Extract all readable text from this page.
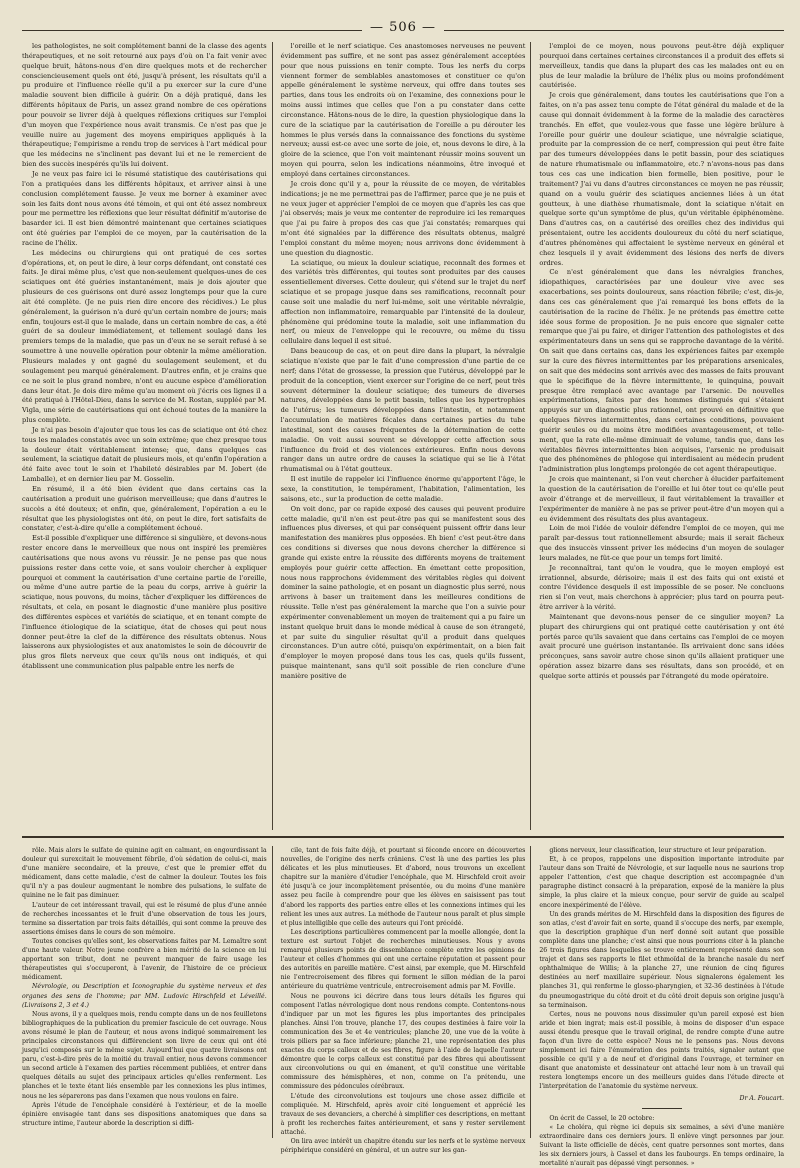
— 506 —

les pathologistes, ne soit complétement banni de la classe des agents thérapeutiques, et ne soit retourné aux pays d'où on l'a fait venir avec quelque bruit, hâtons-nous d'en dire quelques mots et de rechercher consciencieusement quels ont été, jusqu'à présent, les résultats qu'il a pu produire et l'influence réelle qu'il a pu exercer sur la cure d'une maladie souvent bien difficile à guérir. On a déjà pratiqué, dans les différents hôpitaux de Paris, un assez grand nombre de ces opérations pour pouvoir se livrer déjà à quelques réflexions critiques sur l'emploi d'un moyen que l'expérience nous avait transmis. Ce n'est pas que je veuille nuire au jugement des moyens empiriques appliqués à la thérapeutique; l'empirisme a rendu trop de services à l'art médical pour que les médecins ne s'inclinent pas devant lui et ne le remercient de bien des succès inespérés qu'ils lui doivent.

Je ne veux pas faire ici le résumé statistique des cautérisations qui l'on a pratiquées dans les différents hôpitaux, et arriver ainsi à une conclusion complétement fausse. Je veux me borner à examiner avec soin les faits dont nous avons été témoin, et qui ont été assez nombreux pour me permettre les réflexions que leur résultat définitif m'autorise de basarder ici. Il est bien démontré maintenant que certaines sciatiques ont été guéries par l'emploi de ce moyen, par la cautérisation de la racine de l'hélix.

Les médecins ou chirurgiens qui ont pratiqué de ces sortes d'opérations, et, on peut le dire, à leur corps défendant, ont constaté ces faits. Je dirai même plus, c'est que non-seulement quelques-unes de ces sciatiques ont été guéries instantanément, mais je dois ajouter que plusieurs de ces guérisons ont duré assez longtemps pour que la cure ait été complète. (Je ne puis rien dire encore des récidives.) Le plus généralement, la guérison n'a duré qu'un certain nombre de jours; mais enfin, toujours est-il que le malade, dans un certain nombre de cas, a été guéri de sa douleur immédiatement, et tellement soulagé dans les premiers temps de la maladie, que pas un d'eux ne se serait refusé à se soumettre à une nouvelle opération pour obtenir la même amélioration. Plusieurs malades y ont gagné du soulagement seulement, et du soulagement peu marqué généralement. D'autres enfin, et je crains que ce ne soit le plus grand nombre, n'ont eu aucune espèce d'amélioration dans leur état. Je dois dire même qu'au moment où j'écris ces lignes il a été pratiqué à l'Hôtel-Dieu, dans le service de M. Rostan, suppléé par M. Vigla, une série de cautérisations qui ont échoué toutes de la manière la plus complète.

Je n'ai pas besoin d'ajouter que tous les cas de sciatique ont été chez tous les malades constatés avec un soin extrême; que chez presque tous la douleur était véritablement intense; que, dans quelques cas seulement, la sciatique datait de plusieurs mois, et qu'enfin l'opération a été faite avec tout le soin et l'habileté désirables par M. Jobert (de Lamballe), et en dernier lieu par M. Gosselin.

En résumé, il a été bien évident que dans certains cas la cautérisation a produit une guérison merveilleuse; que dans d'autres le succès a été douteux; et enfin, que, généralement, l'opération a eu le résultat que les physiologistes ont été, on peut le dire, fort satisfaits de constater, c'est-à-dire qu'elle a complétement échoué.

Est-il possible d'expliquer une différence si singulière, et devons-nous rester encore dans le merveilleux que nous ont inspiré les premières cautérisations que nous avons vu réussir. Je ne pense pas que nous puissions rester dans cette voie, et sans vouloir chercher à expliquer pourquoi et comment la cautérisation d'une certaine partie de l'oreille, ou même d'une autre partie de la peau du corps, arrive à guérir la sciatique, nous pouvons, du moins, tâcher d'expliquer les différences de résultats, et cela, en posant le diagnostic d'une manière plus positive des différentes espèces et variétés de sciatique, et en tenant compte de l'influence étiologique de la sciatique, état de choses qui peut nous donner peut-être la clef de la différence des résultats obtenus. Nous laisserons aux physiologistes et aux anatomistes le soin de découvrir de plus gros filets nerveux que ceux qu'ils nous ont indiqués, et qui établissent une communication plus palpable entre les nerfs de

l'oreille et le nerf sciatique. Ces anastomoses nerveuses ne peuvent évidemment pas suffire, et ne sont pas assez généralement acceptées pour que nous puissions en tenir compte. Tous les nerfs du corps viennent former de semblables anastomoses et constituer ce qu'on appelle généralement le système nerveux, qui offre dans toutes ses parties, dans tous les endroits où on l'examine, des connexions pour le moins aussi intimes que celles que l'on a pu constater dans cette circonstance. Hâtons-nous de le dire, la question physiologique dans la cure de la sciatique par la cautérisation de l'oreille a pu dérouter les hommes le plus versés dans la connaissance des fonctions du système nerveux; aussi est-ce avec une sorte de joie, et, nous devons le dire, à la gloire de la science, que l'on voit maintenant réussir moins souvent un moyen qui pourra, selon les indications néanmoins, être invoqué et employé dans certaines circonstances.

Je crois donc qu'il y a, pour la réussite de ce moyen, de véritables indications; je ne me permettrai pas de l'affirmer, parce que je ne puis et ne veux juger et apprécier l'emploi de ce moyen que d'après les cas que j'ai observés; mais je veux me contenter de reproduire ici les remarques que j'ai pu faire à propos des cas que j'ai constatés; remarques qui m'ont été signalées par la différence des résultats obtenus, malgré l'emploi constant du même moyen; nous arrivons donc évidemment à une question du diagnostic.

La sciatique, ou mieux la douleur sciatique, reconnaît des formes et des variétés très différentes, qui toutes sont produites par des causes essentiellement diverses. Cette douleur, qui s'étend sur le trajet du nerf sciatique et se propage jusque dans ses ramifications, reconnaît pour cause soit une maladie du nerf lui-même, soit une véritable névralgie, affection non inflammatoire, remarquable par l'intensité de la douleur, phénomène qui prédomine toute la maladie, soit une inflammation du nerf, ou mieux de l'enveloppe qui le recouvre, ou même du tissu cellulaire dans lequel il est situé.

Dans beaucoup de cas, et on peut dire dans la plupart, la névralgie sciatique n'existe que par le fait d'une compression d'une partie de ce nerf; dans l'état de grossesse, la pression que l'utérus, développé par le produit de la conception, vient exercer sur l'origine de ce nerf, peut très souvent déterminer la douleur sciatique; des tumeurs de diverses natures, développées dans le petit bassin, telles que les hypertrophies de l'utérus; les tumeurs développées dans l'intestin, et notamment l'accumulation de matières fécales dans certaines parties du tube intestinal, sont des causes fréquentes de la détermination de cette maladie. On voit aussi souvent se développer cette affection sous l'influence du froid et des violences extérieures. Enfin nous devons ranger dans un autre ordre de causes la sciatique qui se lie à l'état rhumatismal ou à l'état goutteux.

Il est inutile de rappeler ici l'influence énorme qu'apportent l'âge, le sexe, la constitution, le tempérament, l'habitation, l'alimentation, les saisons, etc., sur la production de cette maladie.

On voit donc, par ce rapide exposé des causes qui peuvent produire cette maladie, qu'il n'en est peut-être pas qui se manifestent sous des influences plus diverses, et qui par conséquent puissent offrir dans leur manifestation des manières plus opposées. Eh bien! c'est peut-être dans ces conditions si diverses que nous devons chercher la différence si grande qui existe entre la réussite des différents moyens de traitement employés pour guérir cette affection. En émettant cette proposition, nous nous rapprochons évidemment des véritables règles qui doivent dominer la saine pathologie, et en posant un diagnostic plus serré, nous arrivons à baser un traitement dans les meilleures conditions de réussite. Telle n'est pas généralement la marche que l'on a suivie pour expérimenter convenablement un moyen de traitement qui a pu faire un instant quelque bruit dans le monde médical à cause de son étrangeté, et par suite du singulier résultat qu'il a produit dans quelques circonstances. D'un autre côté, puisqu'on expérimentait, on a bien fait d'employer le moyen proposé dans tous les cas, quels qu'ils fussent, puisque maintenant, sans qu'il soit possible de rien conclure d'une manière positive de

l'emploi de ce moyen, nous pouvons peut-être déjà expliquer pourquoi dans certaines certaines circonstances il a produit des effets si merveilleux, tandis que dans la plupart des cas les malades ont eu en plus de leur maladie la brûlure de l'hélix plus ou moins profondément cautérisée.

Je crois que généralement, dans toutes les cautérisations que l'on a faites, on n'a pas assez tenu compte de l'état général du malade et de la cause qui donnait évidemment à la forme de la maladie des caractères tranchés. En effet, que voulez-vous que fasse une légère brûlure à l'oreille pour guérir une douleur sciatique, une névralgie sciatique, produite par la compression de ce nerf, compression qui peut être faite par des tumeurs développées dans le petit bassin, pour des sciatiques de nature rhumatismale ou inflammatoire, etc.? n'avons-nous pas dans tous ces cas une indication bien formelle, bien positive, pour le traitement? J'ai vu dans d'autres circonstances ce moyen ne pas réussir, quand on a voulu guérir des sciatiques anciennes liées à un état goutteux, à une diathèse rhumatismale, dont la sciatique n'était en quelque sorte qu'un symptôme de plus, qu'un véritable épiphénomène. Dans d'autres cas, on a cautérisé des oreilles chez des individus qui présentaient, outre les accidents douloureux du côté du nerf sciatique, d'autres phénomènes qui affectaient le système nerveux en général et chez lesquels il y avait évidemment des lésions des nerfs de divers ordres.

Ce n'est généralement que dans les névralgies franches, idiopathiques, caractérisées par une douleur vive avec ses exacerbations, ses points douloureux, sans réaction fébrile; c'est, dis-je, dans ces cas généralement que j'ai remarqué les bons effets de la cautérisation de la racine de l'hélix. Je ne prétends pas émettre cette idée sous forme de proposition. Je ne puis encore que signaler cette remarque que j'ai pu faire, et diriger l'attention des pathologistes et des expérimentateurs dans un sens qui se rapproche davantage de la vérité. On sait que dans certains cas, dans les expériences faites par exemple sur la cure des fièvres intermittentes par les préparations arsenicales, on sait que des médecins sont arrivés avec des masses de faits prouvant que le spécifique de la fièvre intermittente, le quinquina, pouvait presque être remplacé avec avantage par l'arsenic. De nouvelles expérimentations, faites par des hommes distingués qui s'étaient appuyés sur un diagnostic plus rationnel, ont prouvé en définitive que quelques fièvres intermittentes, dans certaines conditions, pouvaient guérir seules ou du moins être modifiées avantageusement, et telle-ment, que la rate elle-même diminuait de volume, tandis que, dans les véritables fièvres intermittentes bien acquises, l'arsenic ne produisait que des phénomènes de phlogose qui interdisaient au médecin prudent l'administration plus longtemps prolongée de cet agent thérapeutique.

Je crois que maintenant, si l'on veut chercher à élucider parfaitement la question de la cautérisation de l'oreille et lui ôter tout ce qu'elle peut avoir d'étrange et de merveilleux, il faut véritablement la travailler et l'expérimenter de manière à ne pas se priver peut-être d'un moyen qui a eu évidemment des résultats des plus avantageux.

Loin de moi l'idée de vouloir défendre l'emploi de ce moyen, qui me paraît par-dessus tout rationnellement absurde; mais il serait fâcheux que des insuccès vinssent priver les médecins d'un moyen de soulager leurs malades, ne fût-ce que pour un temps fort limité.

Je reconnaîtrai, tant qu'on le voudra, que le moyen employé est irrationnel, absurde, dérisoire; mais il est des faits qui ont existé et contre l'évidence desquels il est impossible de se poser. Ne concluons rien si l'on veut, mais cherchons à apprécier; plus tard on pourra peut-être arriver à la vérité.

Maintenant que devons-nous penser de ce singulier moyen? La plupart des chirurgiens qui ont pratiqué cette cautérisation y ont été portés parce qu'ils savaient que dans certains cas l'emploi de ce moyen avait procuré une guérison instantanée. Ils arrivaient donc sans idées préconçues, sans savoir autre chose sinon qu'ils allaient pratiquer une opération assez bizarre dans ses résultats, dans son procédé, et en quelque sorte attirés et poussés par l'étrangeté du mode opératoire.

rôle. Mais alors le sulfate de quinine agit en calmant, en engourdissant la douleur qui surexcitait le mouvement fébrile, d'où sédation de celui-ci, mais d'une manière secondaire, et la preuve, c'est que le premier effet du médicament, dans cette maladie, c'est de calmer la douleur. Toutes les fois qu'il n'y a pas douleur augmentant le nombre des pulsations, le sulfate de quinine ne le fait pas diminuer.

L'auteur de cet intéressant travail, qui est le résumé de plus d'une année de recherches incessantes et le fruit d'une observation de tous les jours, termine sa dissertation par trois faits détaillés, qui sont comme la preuve des assertions émises dans le cours de son mémoire.

Toutes concises qu'elles sont, les observations faites par M. Lemaître sont d'une haute valeur. Notre jeune confrère a bien mérité de la science en lui apportant son tribut, dont ne peuvent manquer de faire usage les thérapeutistes qui s'occuperont, à l'avenir, de l'histoire de ce précieux médicament.

Névrologie, ou Description et Iconographie du système nerveux et des organes des sens de l'homme; par MM. Ludovic Hirschfeld et Léveillé. (Livraisons 2, 3 et 4.)

Nous avons, il y a quelques mois, rendu compte dans un de nos feuilletons bibliographiques de la publication du premier fascicule de cet ouvrage. Nous avons résumé le plan de l'auteur, et nous avons indiqué sommairement les principales circonstances qui différencient son livre de ceux qui ont été jusqu'ici composés sur le même sujet. Aujourd'hui que quatre livraisons ont paru, c'est-à-dire près de la moitié du travail entier, nous devons commencer un second article à l'examen des parties récemment publiées, et entrer dans quelques détails au sujet des principaux articles qu'elles renferment. Les planches et le texte étant liés ensemble par les connexions les plus intimes, nous ne les séparerons pas dans l'examen que nous voulons en faire.

Après l'étude de l'encéphale considéré à l'extérieur, et de la moelle épinière envisagée tant dans ses dispositions anatomiques que dans sa structure intime, l'auteur aborde la description si diffi-

cile, tant de fois faite déjà, et pourtant si féconde encore en découvertes nouvelles, de l'origine des nerfs crâniens. C'est là une des parties les plus délicates et les plus minutieuses. Et d'abord, nous trouvons un excellent chapitre sur la manière d'étudier l'encéphale, que M. Hirschfeld croit avoir été jusqu'à ce jour incomplètement présentée, ou du moins d'une manière assez peu facile à comprendre pour que les élèves en saisissent pas tout d'abord les rapports des parties entre elles et les connexions intimes qui les relient les unes aux autres. La méthode de l'auteur nous paraît et plus simple et plus intelligible que celle des auteurs qui l'ont précédé.

Les descriptions particulières commencent par la moelle allongée, dont la texture est surtout l'objet de recherches minutieuses. Nous y avons remarqué plusieurs points de dissemblance complète entre les opinions de l'auteur et celles d'hommes qui ont une certaine réputation et passent pour des autorités en pareille matière. C'est ainsi, par exemple, que M. Hirschfeld nie l'entrecroisement des fibres qui forment le sillon médian de la paroi antérieure du quatrième ventricule, entrecroisement admis par M. Foville.

Nous ne pouvons ici décrire dans tous leurs détails les figures qui composent l'atlas névrologique dont nous rendons compte. Contentons-nous d'indiquer par un mot les figures les plus importantes des principales planches. Ainsi l'on trouve, planche 17, des coupes destinées à faire voir la communication des 3e et 4e ventricules; planche 20, une vue de la voûte à trois piliers par sa face inférieure; planche 21, une représentation des plus exactes du corps calleux et de ses fibres, figure à l'aide de laquelle l'auteur démontre que le corps calleux est constitué par des fibres qui aboutissent aux circonvolutions ou qui en émanent, et qu'il constitue une véritable commissure des hémisphères, et non, comme on l'a prétendu, une commissure des pédoncules cérébraux.

L'étude des circonvolutions est toujours une chose assez difficile et compliquée. M. Hirschfeld, après avoir cité longuement et apprécié les travaux de ses devanciers, a cherché à simplifier ces descriptions, en mettant à profit les recherches faites antérieurement, et sans y rester servilement attaché.

On lira avec intérêt un chapitre étendu sur les nerfs et le système nerveux périphérique considéré en général, et un autre sur les gan-

glions nerveux, leur classification, leur structure et leur préparation.

Et, à ce propos, rappelons une disposition importante introduite par l'auteur dans son Traité de Névrologie, et sur laquelle nous ne saurions trop appeler l'attention, c'est que chaque description est accompagnée d'un paragraphe distinct consacré à la préparation, exposé de la manière la plus simple, la plus claire et la mieux conçue, pour servir de guide au scalpel encore inexpérimenté de l'élève.

Un des grands mérites de M. Hirschfeld dans la disposition des figures de son atlas, c'est d'avoir fait en sorte, quand il s'occupe des nerfs, par exemple, que la description graphique d'un nerf donné soit autant que possible complète dans une planche; c'est ainsi que nous pourrions citer à la planche 26 trois figures dans lesquelles se trouve entièrement représenté dans son trajet et dans ses rapports le filet ethmoïdal de la branche nasale du nerf ophthalmique de Willis; à la planche 27, une réunion de cinq figures destinées au nerf maxillaire supérieur. Nous signalerons également les planches 31, qui renferme le glosso-pharyngien, et 32-36 destinées à l'étude du pneumogastrique du côté droit et du côté droit depuis son origine jusqu'à sa terminaison.

Certes, nous ne pouvons nous dissimuler qu'un pareil exposé est bien aride et bien ingrat; mais est-il possible, à moins de disposer d'un espace aussi étendu presque que le travail original, de rendre compte d'une autre façon d'un livre de cette espèce? Nous ne le pensons pas. Nous devons simplement ici faire l'énumération des points traités, signaler autant que possible ce qu'il y a de neuf et d'original dans l'ouvrage, et terminer en disant que anatomiste et dessinateur ont attaché leur nom à un travail qui restera longtemps encore un des meilleurs guides dans l'étude directe et l'interprétation de l'anatomie du système nerveux.

Dr A. Foucart.

On écrit de Cassel, le 20 octobre:

« Le choléra, qui règne ici depuis six semaines, a sévi d'une manière extraordinaire dans ces derniers jours. Il enlève vingt personnes par jour. Suivant la liste officielle de décès, cent quatre personnes sont mortes, dans les six derniers jours, à Cassel et dans les faubourgs. En temps ordinaire, la mortalité n'aurait pas dépassé vingt personnes. »
